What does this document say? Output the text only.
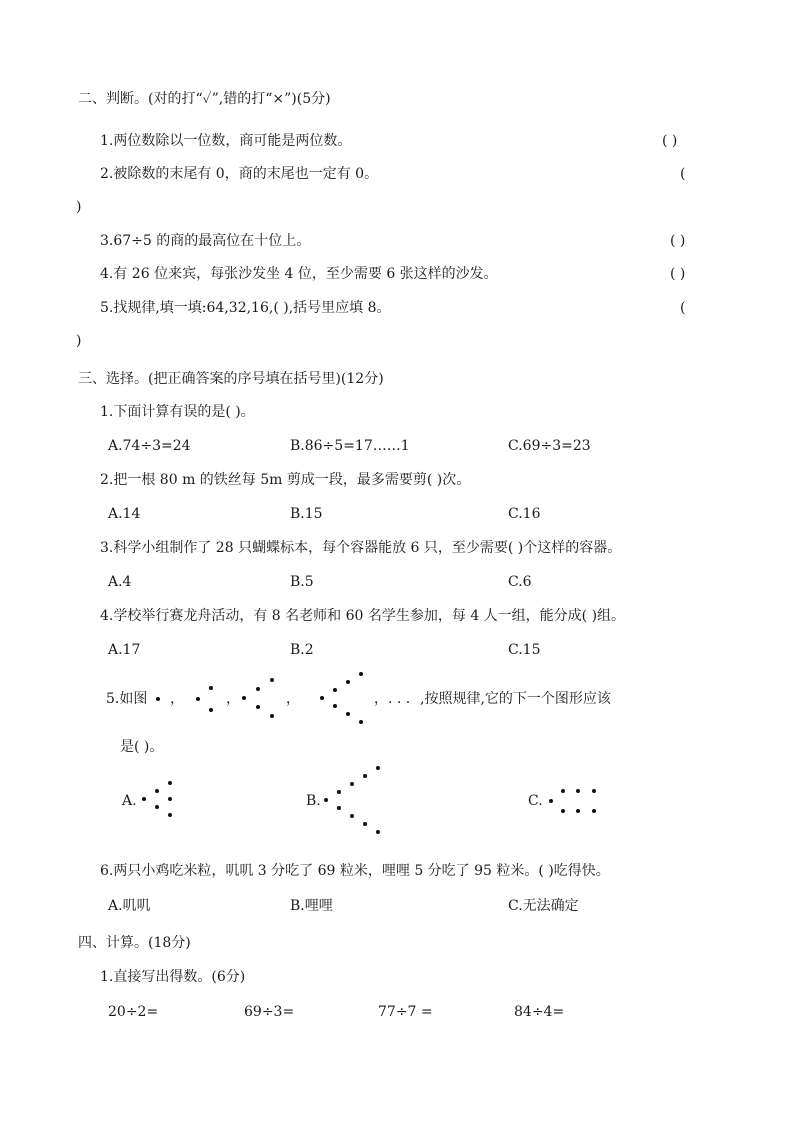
二、判断。(对的打“✓”,错的打“×”)(5分)
1.两位数除以一位数，商可能是两位数。	( )
2.被除数的末尾有 0，商的末尾也一定有 0。	(
)
3.67÷5 的商的最高位在十位上。	( )
4.有 26 位来宾，每张沙发坐 4 位，至少需要 6 张这样的沙发。	( )
5.找规律,填一填:64,32,16,( ),括号里应填 8。	(
)
三、选择。(把正确答案的序号填在括号里)(12分)
1.下面计算有误的是( )。
A.74÷3=24	B.86÷5=17……1	C.69÷3=23
2.把一根 80 m 的铁丝每 5m 剪成一段，最多需要剪( )次。
A.14	B.15	C.16
3.科学小组制作了 28 只蝴蝶标本，每个容器能放 6 只，至少需要( )个这样的容器。
A.4	B.5	C.6
4.学校举行赛龙舟活动，有 8 名老师和 60 名学生参加，每 4 人一组，能分成( )组。
A.17	B.2	C.15
5.如图 ，	，	，	，. . . ,按照规律,它的下一个图形应该
是( )。
A.	B.	C.
6.两只小鸡吃米粒，叽叽 3 分吃了 69 粒米，哩哩 5 分吃了 95 粒米。( )吃得快。
A.叽叽	B.哩哩	C.无法确定
四、计算。(18分)
1.直接写出得数。(6分)
20÷2=	69÷3=	77÷7 =	84÷4=
